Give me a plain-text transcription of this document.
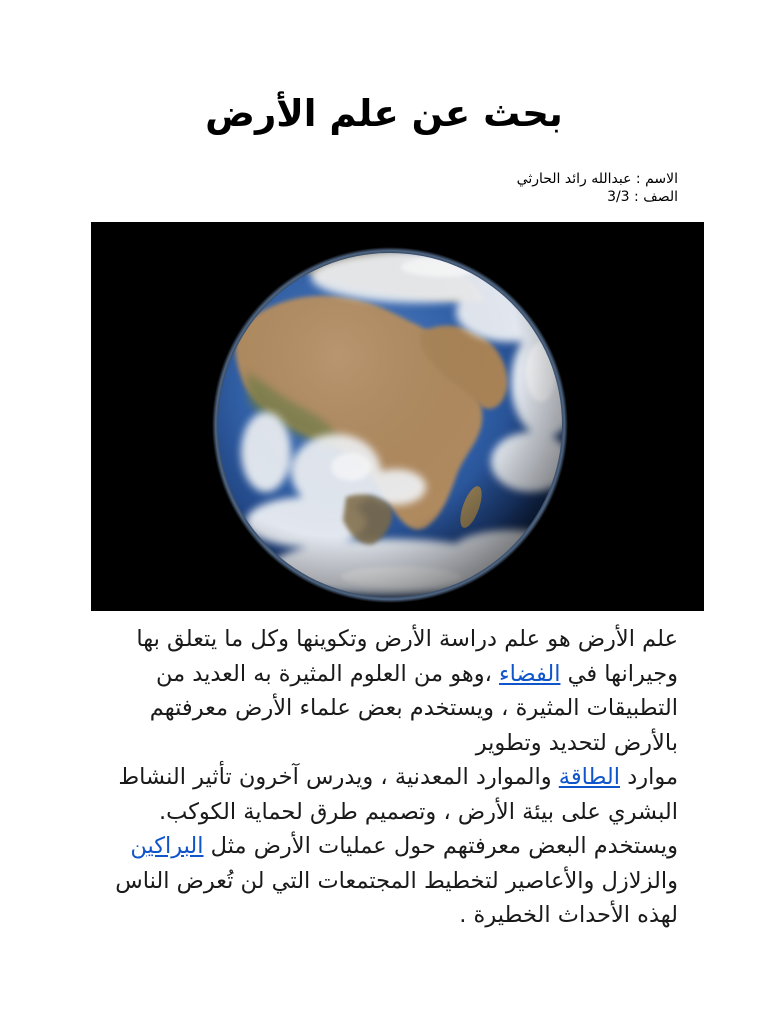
بحث عن علم الأرض
الاسم : عبدالله رائد الحارثي
الصف : 3/3

علم الأرض هو علم دراسة الأرض وتكوينها وكل ما يتعلق بها وجيرانها في الفضاء ،وهو من العلوم المثيرة به العديد من التطبيقات المثيرة ، ويستخدم بعض علماء الأرض معرفتهم بالأرض لتحديد وتطوير
موارد الطاقة والموارد المعدنية ، ويدرس آخرون تأثير النشاط البشري على بيئة الأرض ، وتصميم طرق لحماية الكوكب. ويستخدم البعض معرفتهم حول عمليات الأرض مثل البراكين والزلازل والأعاصير لتخطيط المجتمعات التي لن تُعرض الناس لهذه الأحداث الخطيرة .
